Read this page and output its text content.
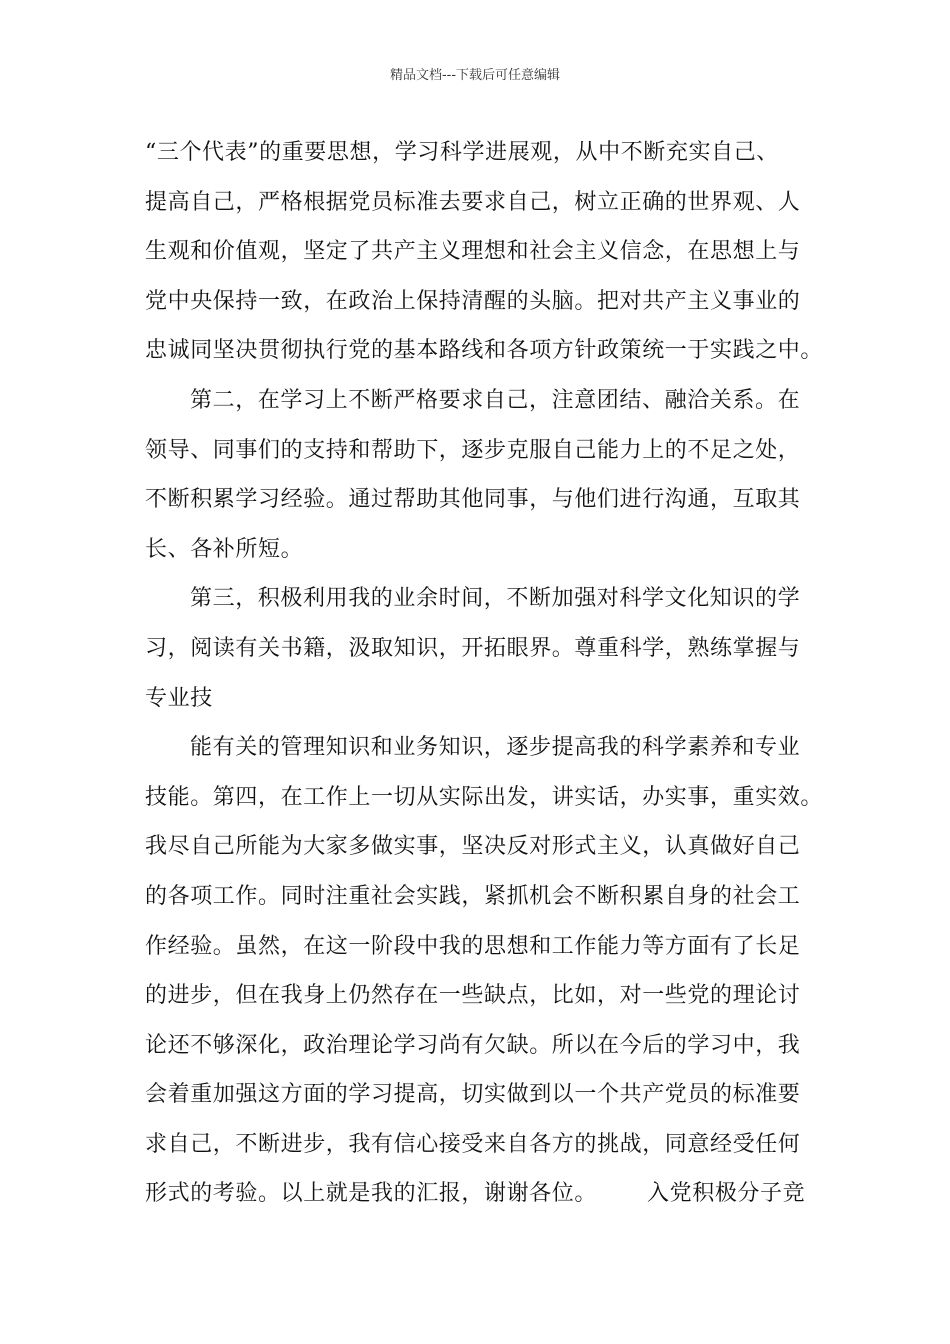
精品文档---下载后可任意编辑
“三个代表”的重要思想，学习科学进展观，从中不断充实自己、
提高自己，严格根据党员标准去要求自己，树立正确的世界观、人
生观和价值观，坚定了共产主义理想和社会主义信念，在思想上与
党中央保持一致，在政治上保持清醒的头脑。把对共产主义事业的
忠诚同坚决贯彻执行党的基本路线和各项方针政策统一于实践之中。
第二，在学习上不断严格要求自己，注意团结、融洽关系。在
领导、同事们的支持和帮助下，逐步克服自己能力上的不足之处，
不断积累学习经验。通过帮助其他同事，与他们进行沟通，互取其
长、各补所短。
第三，积极利用我的业余时间，不断加强对科学文化知识的学
习，阅读有关书籍，汲取知识，开拓眼界。尊重科学，熟练掌握与
专业技
能有关的管理知识和业务知识，逐步提高我的科学素养和专业
技能。第四，在工作上一切从实际出发，讲实话，办实事，重实效。
我尽自己所能为大家多做实事，坚决反对形式主义，认真做好自己
的各项工作。同时注重社会实践，紧抓机会不断积累自身的社会工
作经验。虽然，在这一阶段中我的思想和工作能力等方面有了长足
的进步，但在我身上仍然存在一些缺点，比如，对一些党的理论讨
论还不够深化，政治理论学习尚有欠缺。所以在今后的学习中，我
会着重加强这方面的学习提高，切实做到以一个共产党员的标准要
求自己，不断进步，我有信心接受来自各方的挑战，同意经受任何
形式的考验。以上就是我的汇报，谢谢各位。 入党积极分子竞
